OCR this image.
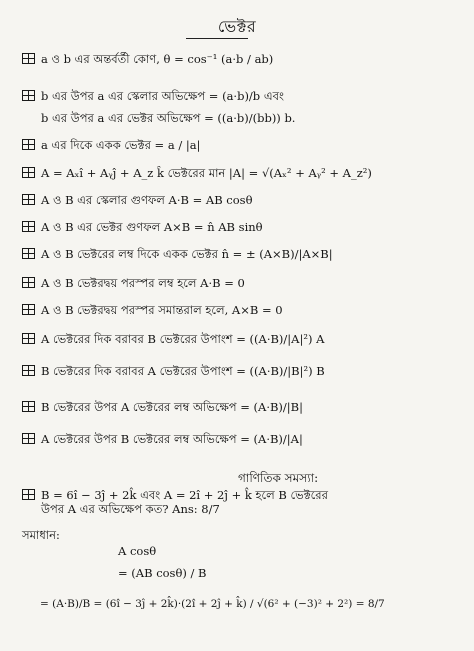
ভেক্টর
a ও b এর অন্তর্বর্তী কোণ, θ = cos⁻¹ (a·b / ab)
b এর উপর a এর স্কেলার অভিক্ষেপ = (a·b)/b এবং
b এর উপর a এর ভেক্টর অভিক্ষেপ = ((a·b)/(bb)) b.
a এর দিকে একক ভেক্টর = a / |a|
A = Aₓî + Aᵧĵ + A_z k̂ ভেক্টরের মান |A| = √(Aₓ² + Aᵧ² + A_z²)
A ও B এর স্কেলার গুণফল A·B = AB cosθ
A ও B এর ভেক্টর গুণফল A×B = n̂ AB sinθ
A ও B ভেক্টরের লম্ব দিকে একক ভেক্টর n̂ = ± (A×B)/|A×B|
A ও B ভেক্টরদ্বয় পরস্পর লম্ব হলে A·B = 0
A ও B ভেক্টরদ্বয় পরস্পর সমান্তরাল হলে, A×B = 0
A ভেক্টরের দিক বরাবর B ভেক্টরের উপাংশ = ((A·B)/|A|²) A
B ভেক্টরের দিক বরাবর A ভেক্টরের উপাংশ = ((A·B)/|B|²) B
B ভেক্টরের উপর A ভেক্টরের লম্ব অভিক্ষেপ = (A·B)/|B|
A ভেক্টরের উপর B ভেক্টরের লম্ব অভিক্ষেপ = (A·B)/|A|
গাণিতিক সমস্যা:
B = 6î − 3ĵ + 2k̂ এবং A = 2î + 2ĵ + k̂ হলে B ভেক্টরের
উপর A এর অভিক্ষেপ কত? Ans: 8/7
সমাধান:
A cosθ
= (AB cosθ) / B
= (A·B)/B = (6î − 3ĵ + 2k̂)·(2î + 2ĵ + k̂) / √(6² + (−3)² + 2²) = 8/7
